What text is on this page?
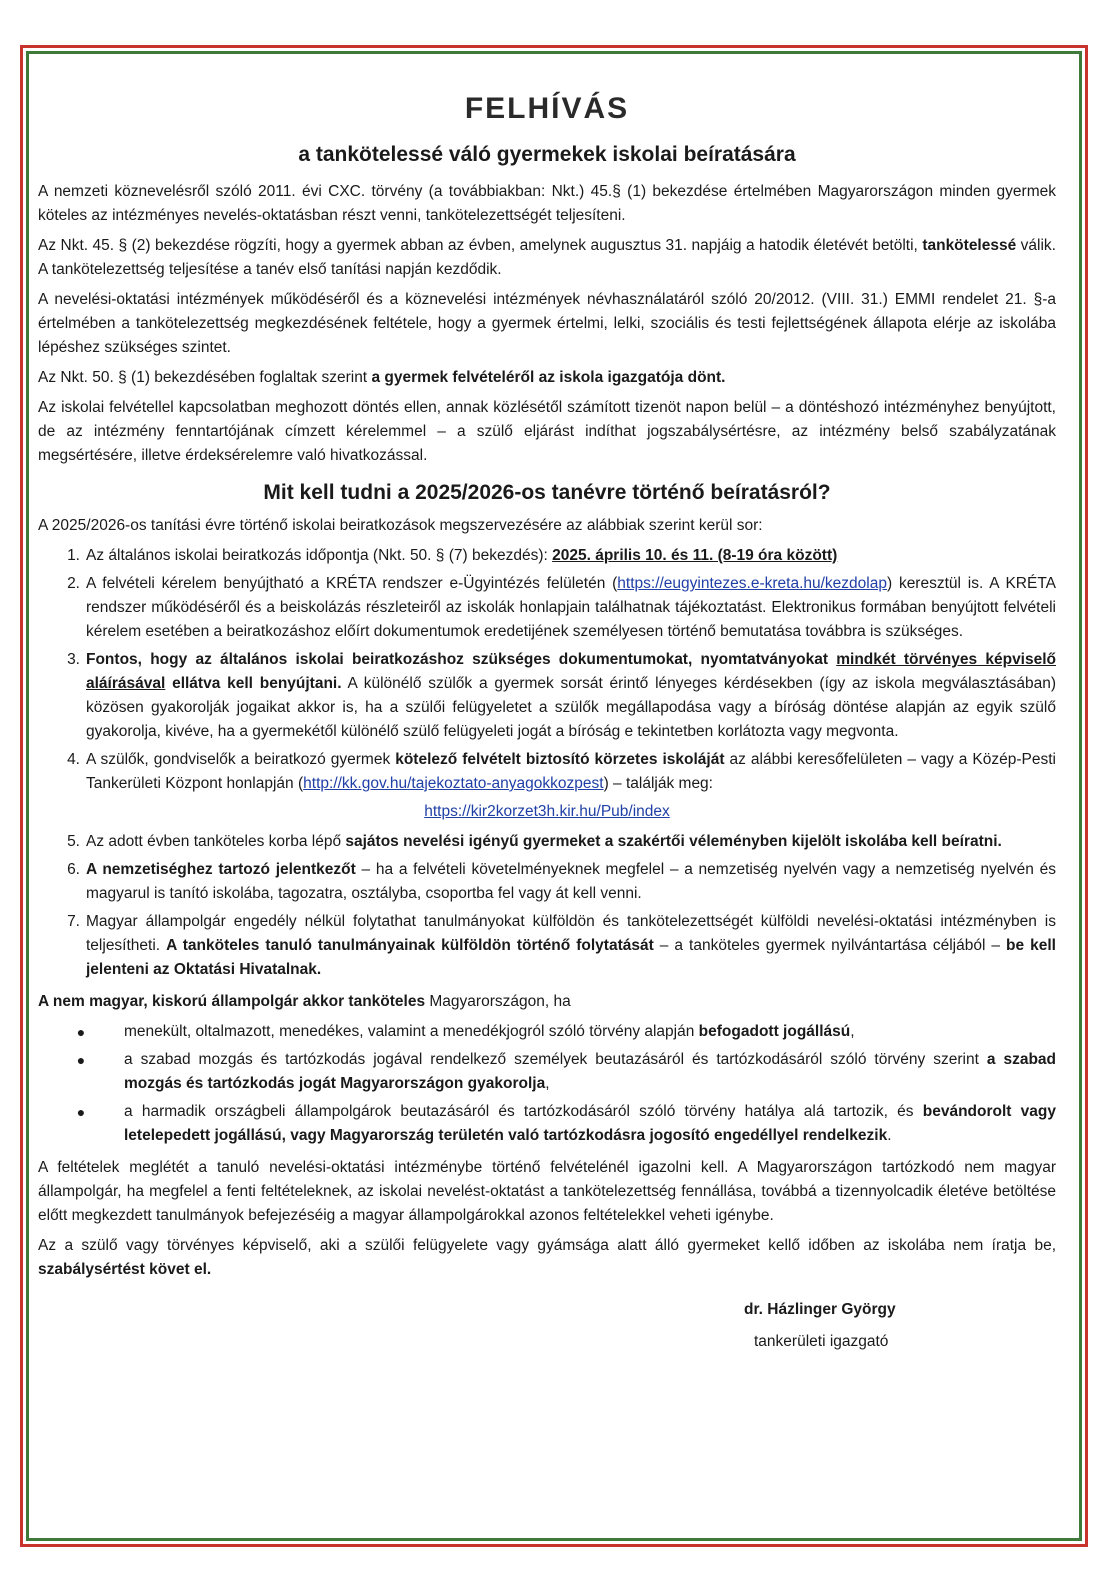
FELHÍVÁS
a tankötelessé váló gyermekek iskolai beíratására

A nemzeti köznevelésről szóló 2011. évi CXC. törvény (a továbbiakban: Nkt.) 45.§ (1) bekezdése értelmében Magyarországon minden gyermek köteles az intézményes nevelés-oktatásban részt venni, tankötelezettségét teljesíteni.

Az Nkt. 45. § (2) bekezdése rögzíti, hogy a gyermek abban az évben, amelynek augusztus 31. napjáig a hatodik életévét betölti, tankötelessé válik. A tankötelezettség teljesítése a tanév első tanítási napján kezdődik.

A nevelési-oktatási intézmények működéséről és a köznevelési intézmények névhasználatáról szóló 20/2012. (VIII. 31.) EMMI rendelet 21. §-a értelmében a tankötelezettség megkezdésének feltétele, hogy a gyermek értelmi, lelki, szociális és testi fejlettségének állapota elérje az iskolába lépéshez szükséges szintet.

Az Nkt. 50. § (1) bekezdésében foglaltak szerint a gyermek felvételéről az iskola igazgatója dönt.

Az iskolai felvétellel kapcsolatban meghozott döntés ellen, annak közlésétől számított tizenöt napon belül – a döntéshozó intézményhez benyújtott, de az intézmény fenntartójának címzett kérelemmel – a szülő eljárást indíthat jogszabálysértésre, az intézmény belső szabályzatának megsértésére, illetve érdeksérelemre való hivatkozással.

Mit kell tudni a 2025/2026-os tanévre történő beíratásról?

A 2025/2026-os tanítási évre történő iskolai beiratkozások megszervezésére az alábbiak szerint kerül sor:

1. Az általános iskolai beiratkozás időpontja (Nkt. 50. § (7) bekezdés): 2025. április 10. és 11. (8-19 óra között)
2. A felvételi kérelem benyújtható a KRÉTA rendszer e-Ügyintézés felületén (https://eugyintezes.e-kreta.hu/kezdolap) keresztül is. A KRÉTA rendszer működéséről és a beiskolázás részleteiről az iskolák honlapjain találhatnak tájékoztatást. Elektronikus formában benyújtott felvételi kérelem esetében a beiratkozáshoz előírt dokumentumok eredetijének személyesen történő bemutatása továbbra is szükséges.
3. Fontos, hogy az általános iskolai beiratkozáshoz szükséges dokumentumokat, nyomtatványokat mindkét törvényes képviselő aláírásával ellátva kell benyújtani. A különélő szülők a gyermek sorsát érintő lényeges kérdésekben (így az iskola megválasztásában) közösen gyakorolják jogaikat akkor is, ha a szülői felügyeletet a szülők megállapodása vagy a bíróság döntése alapján az egyik szülő gyakorolja, kivéve, ha a gyermekétől különélő szülő felügyeleti jogát a bíróság e tekintetben korlátozta vagy megvonta.
4. A szülők, gondviselők a beiratkozó gyermek kötelező felvételt biztosító körzetes iskoláját az alábbi keresőfelületen – vagy a Közép-Pesti Tankerületi Központ honlapján (http://kk.gov.hu/tajekoztato-anyagokkozpest) – találják meg:

https://kir2korzet3h.kir.hu/Pub/index

5. Az adott évben tanköteles korba lépő sajátos nevelési igényű gyermeket a szakértői véleményben kijelölt iskolába kell beíratni.
6. A nemzetiséghez tartozó jelentkezőt – ha a felvételi követelményeknek megfelel – a nemzetiség nyelvén vagy a nemzetiség nyelvén és magyarul is tanító iskolába, tagozatra, osztályba, csoportba fel vagy át kell venni.
7. Magyar állampolgár engedély nélkül folytathat tanulmányokat külföldön és tankötelezettségét külföldi nevelési-oktatási intézményben is teljesítheti. A tanköteles tanuló tanulmányainak külföldön történő folytatását – a tanköteles gyermek nyilvántartása céljából – be kell jelenteni az Oktatási Hivatalnak.

A nem magyar, kiskorú állampolgár akkor tanköteles Magyarországon, ha

●	menekült, oltalmazott, menedékes, valamint a menedékjogról szóló törvény alapján befogadott jogállású,
●	a szabad mozgás és tartózkodás jogával rendelkező személyek beutazásáról és tartózkodásáról szóló törvény szerint a szabad mozgás és tartózkodás jogát Magyarországon gyakorolja,
●	a harmadik országbeli állampolgárok beutazásáról és tartózkodásáról szóló törvény hatálya alá tartozik, és bevándorolt vagy letelepedett jogállású, vagy Magyarország területén való tartózkodásra jogosító engedéllyel rendelkezik.

A feltételek meglétét a tanuló nevelési-oktatási intézménybe történő felvételénél igazolni kell. A Magyarországon tartózkodó nem magyar állampolgár, ha megfelel a fenti feltételeknek, az iskolai nevelést-oktatást a tankötelezettség fennállása, továbbá a tizennyolcadik életéve betöltése előtt megkezdett tanulmányok befejezéséig a magyar állampolgárokkal azonos feltételekkel veheti igénybe.

Az a szülő vagy törvényes képviselő, aki a szülői felügyelete vagy gyámsága alatt álló gyermeket kellő időben az iskolába nem íratja be, szabálysértést követ el.

dr. Házlinger György
tankerületi igazgató
